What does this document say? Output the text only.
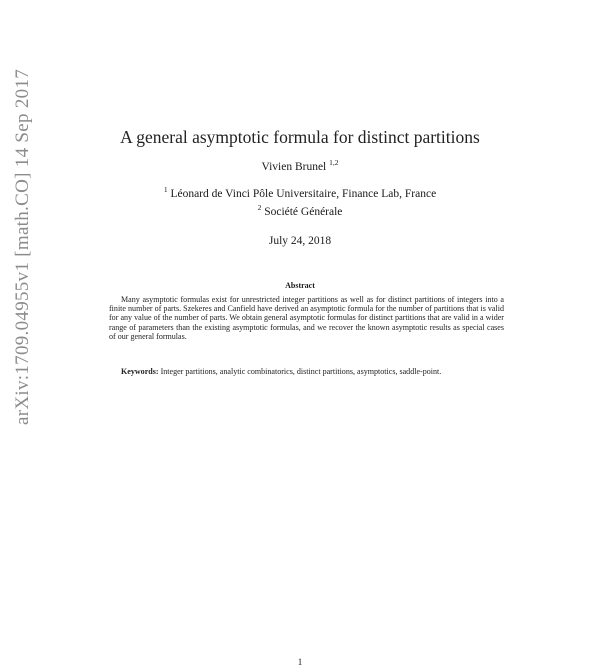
arXiv:1709.04955v1 [math.CO] 14 Sep 2017	A general asymptotic formula for distinct partitions
Vivien Brunel $^{1,2}$
$^1$ Léonard de Vinci Pôle Universitaire, Finance Lab, France
$^2$ Société Générale
July 24, 2018
Abstract

Many asymptotic formulas exist for unrestricted integer partitions as well as for distinct partitions of integers into a finite number of parts. Szekeres and Canfield have derived an asymptotic formula for the number of partitions that is valid for any value of the number of parts. We obtain general asymptotic formulas for distinct partitions that are valid in a wider range of parameters than the existing asymptotic formulas, and we recover the known asymptotic results as special cases of our general formulas.

Keywords: Integer partitions, analytic combinatorics, distinct partitions, asymptotics, saddle-point.

1
